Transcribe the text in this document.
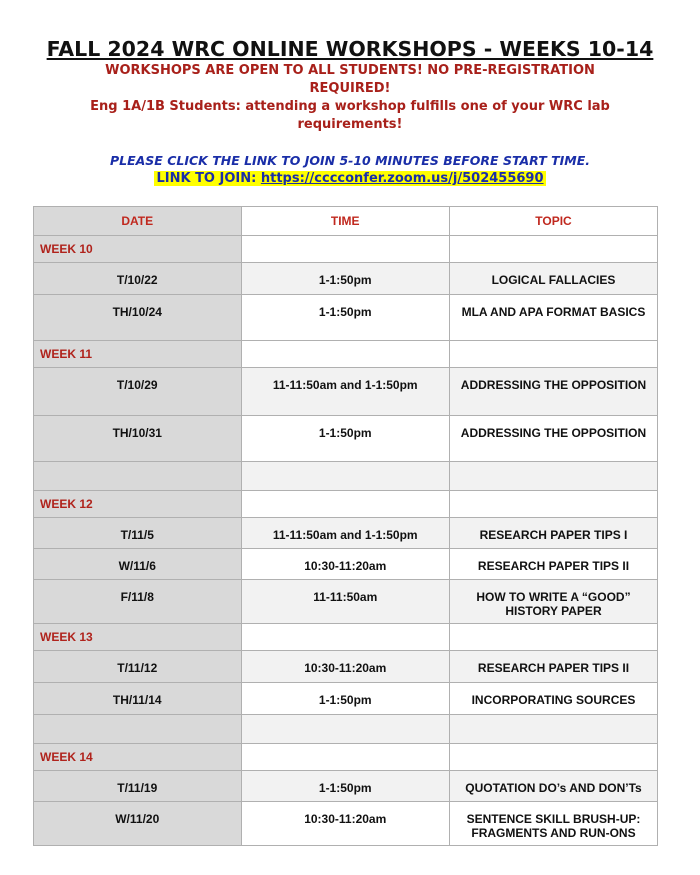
FALL 2024 WRC ONLINE WORKSHOPS - WEEKS 10-14

WORKSHOPS ARE OPEN TO ALL STUDENTS! NO PRE-REGISTRATION REQUIRED!

Eng 1A/1B Students: attending a workshop fulfills one of your WRC lab requirements!

PLEASE CLICK THE LINK TO JOIN 5-10 MINUTES BEFORE START TIME.

LINK TO JOIN: https://cccconfer.zoom.us/j/502455690

DATE	TIME	TOPIC
WEEK 10		
T/10/22	1-1:50pm	LOGICAL FALLACIES
TH/10/24	1-1:50pm	MLA AND APA FORMAT BASICS
WEEK 11		
T/10/29	11-11:50am and 1-1:50pm	ADDRESSING THE OPPOSITION
TH/10/31	1-1:50pm	ADDRESSING THE OPPOSITION

WEEK 12		
T/11/5	11-11:50am and 1-1:50pm	RESEARCH PAPER TIPS I
W/11/6	10:30-11:20am	RESEARCH PAPER TIPS II
F/11/8	11-11:50am	HOW TO WRITE A “GOOD” HISTORY PAPER
WEEK 13		
T/11/12	10:30-11:20am	RESEARCH PAPER TIPS II
TH/11/14	1-1:50pm	INCORPORATING SOURCES

WEEK 14		
T/11/19	1-1:50pm	QUOTATION DO’s AND DON’Ts
W/11/20	10:30-11:20am	SENTENCE SKILL BRUSH-UP: FRAGMENTS AND RUN-ONS
